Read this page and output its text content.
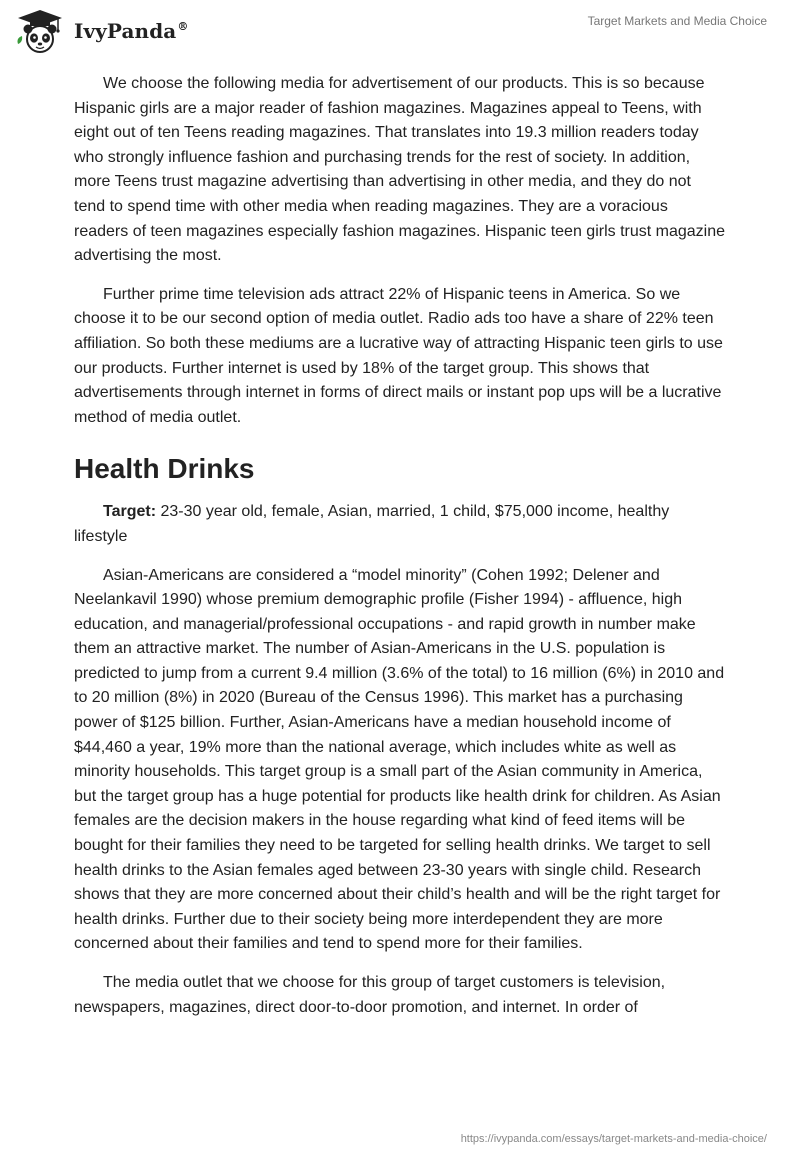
IvyPanda®	Target Markets and Media Choice

We choose the following media for advertisement of our products. This is so because Hispanic girls are a major reader of fashion magazines. Magazines appeal to Teens, with eight out of ten Teens reading magazines. That translates into 19.3 million readers today who strongly influence fashion and purchasing trends for the rest of society. In addition, more Teens trust magazine advertising than advertising in other media, and they do not tend to spend time with other media when reading magazines. They are a voracious readers of teen magazines especially fashion magazines. Hispanic teen girls trust magazine advertising the most.

Further prime time television ads attract 22% of Hispanic teens in America. So we choose it to be our second option of media outlet. Radio ads too have a share of 22% teen affiliation. So both these mediums are a lucrative way of attracting Hispanic teen girls to use our products. Further internet is used by 18% of the target group. This shows that advertisements through internet in forms of direct mails or instant pop ups will be a lucrative method of media outlet.

Health Drinks

Target: 23-30 year old, female, Asian, married, 1 child, $75,000 income, healthy lifestyle

Asian-Americans are considered a “model minority” (Cohen 1992; Delener and Neelankavil 1990) whose premium demographic profile (Fisher 1994) - affluence, high education, and managerial/professional occupations - and rapid growth in number make them an attractive market. The number of Asian-Americans in the U.S. population is predicted to jump from a current 9.4 million (3.6% of the total) to 16 million (6%) in 2010 and to 20 million (8%) in 2020 (Bureau of the Census 1996). This market has a purchasing power of $125 billion. Further, Asian-Americans have a median household income of $44,460 a year, 19% more than the national average, which includes white as well as minority households. This target group is a small part of the Asian community in America, but the target group has a huge potential for products like health drink for children. As Asian females are the decision makers in the house regarding what kind of feed items will be bought for their families they need to be targeted for selling health drinks. We target to sell health drinks to the Asian females aged between 23-30 years with single child. Research shows that they are more concerned about their child’s health and will be the right target for health drinks. Further due to their society being more interdependent they are more concerned about their families and tend to spend more for their families.

The media outlet that we choose for this group of target customers is television, newspapers, magazines, direct door-to-door promotion, and internet. In order of

https://ivypanda.com/essays/target-markets-and-media-choice/
